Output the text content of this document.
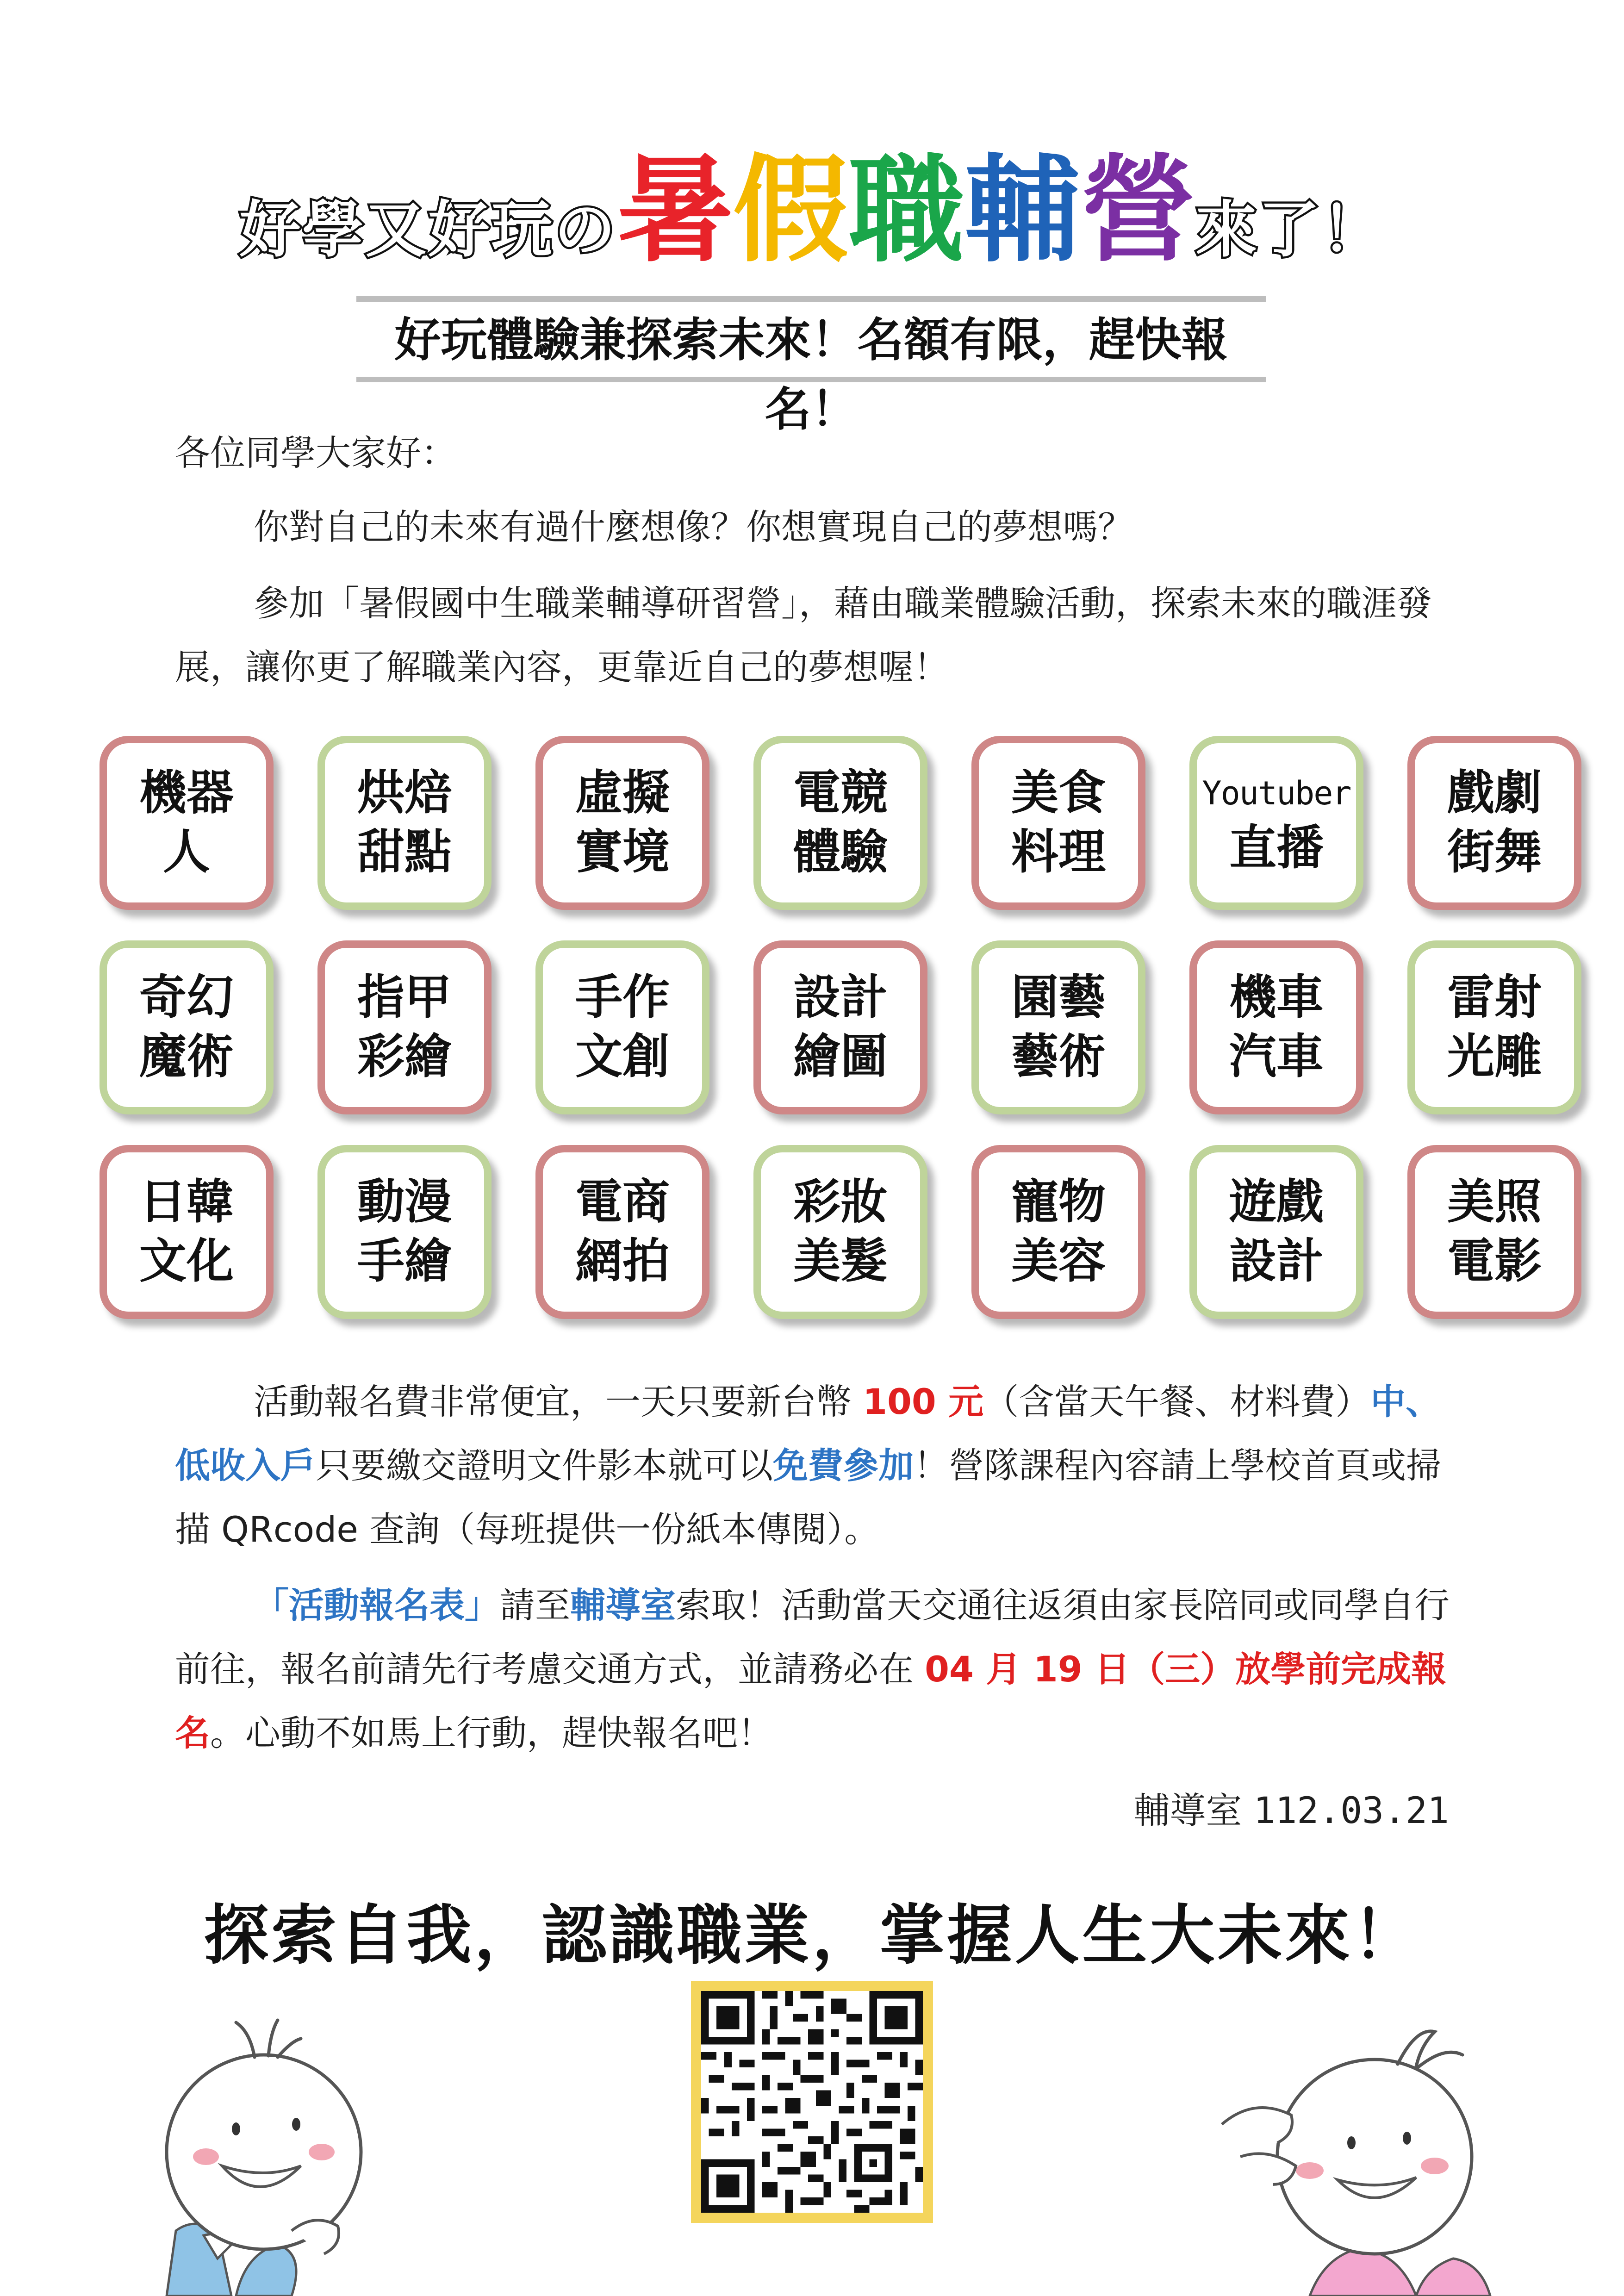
好學又好玩の暑假職輔營來了！
好玩體驗兼探索未來！名額有限，趕快報名！
各位同學大家好：
你對自己的未來有過什麼想像？你想實現自己的夢想嗎？
參加「暑假國中生職業輔導研習營」，藉由職業體驗活動，探索未來的職涯發展，讓你更了解職業內容，更靠近自己的夢想喔！
機器
人
烘焙
甜點
虛擬
實境
電競
體驗
美食
料理
Youtuber
直播
戲劇
街舞
奇幻
魔術
指甲
彩繪
手作
文創
設計
繪圖
園藝
藝術
機車
汽車
雷射
光雕
日韓
文化
動漫
手繪
電商
網拍
彩妝
美髮
寵物
美容
遊戲
設計
美照
電影
活動報名費非常便宜，一天只要新台幣 100 元（含當天午餐、材料費）中、低收入戶只要繳交證明文件影本就可以免費參加！營隊課程內容請上學校首頁或掃描 QRcode 查詢（每班提供一份紙本傳閱）。
「活動報名表」請至輔導室索取！活動當天交通往返須由家長陪同或同學自行前往，報名前請先行考慮交通方式，並請務必在 04 月 19 日（三）放學前完成報名。心動不如馬上行動，趕快報名吧！
輔導室 112.03.21
探索自我，認識職業，掌握人生大未來！
